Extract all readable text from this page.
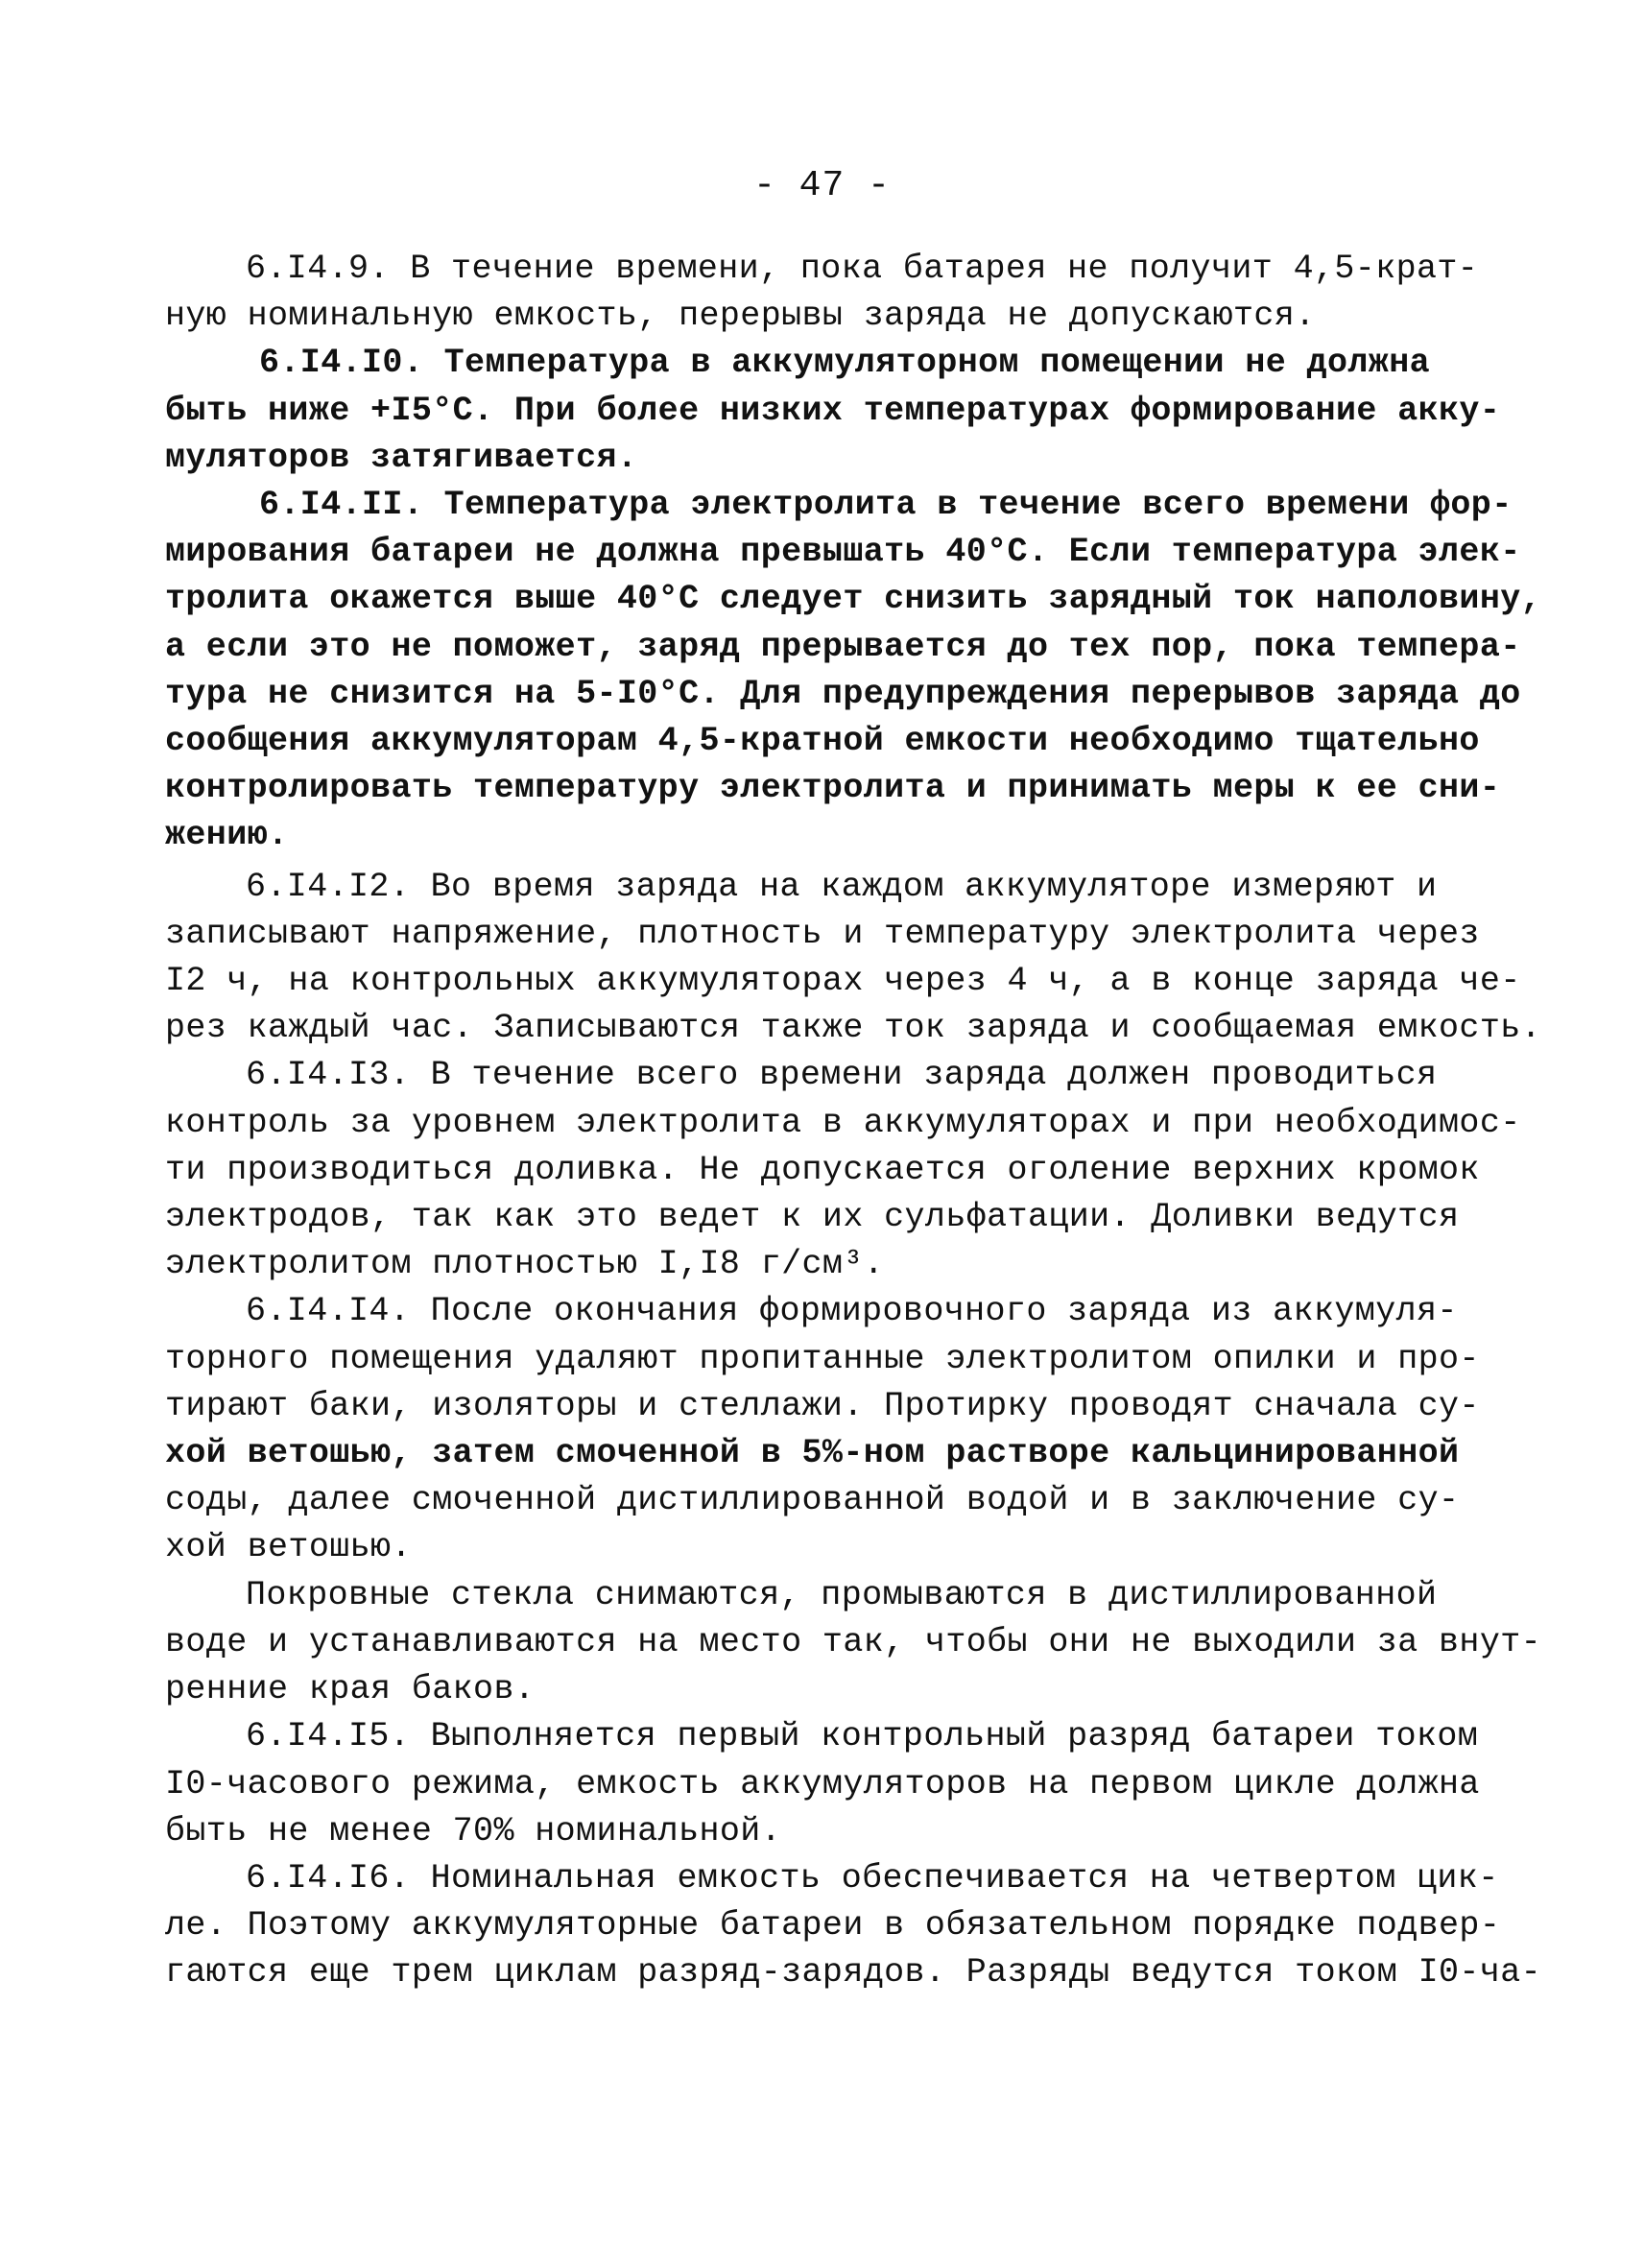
- 47 -

6.I4.9. В течение времени, пока батарея не получит 4,5-крат-
ную номинальную емкость, перерывы заряда не допускаются.

6.I4.I0. Температура в аккумуляторном помещении не должна
быть ниже +I5°С. При более низких температурах формирование акку-
муляторов затягивается.

6.I4.II. Температура электролита в течение всего времени фор-
мирования батареи не должна превышать 40°С. Если температура элек-
тролита окажется выше 40°С следует снизить зарядный ток наполовину,
а если это не поможет, заряд прерывается до тех пор, пока темпера-
тура не снизится на 5-I0°С. Для предупреждения перерывов заряда до
сообщения аккумуляторам 4,5-кратной емкости необходимо тщательно
контролировать температуру электролита и принимать меры к ее сни-
жению.

6.I4.I2. Во время заряда на каждом аккумуляторе измеряют и
записывают напряжение, плотность и температуру электролита через
I2 ч, на контрольных аккумуляторах через 4 ч, а в конце заряда че-
рез каждый час. Записываются также ток заряда и сообщаемая емкость.

6.I4.I3. В течение всего времени заряда должен проводиться
контроль за уровнем электролита в аккумуляторах и при необходимос-
ти производиться доливка. Не допускается оголение верхних кромок
электродов, так как это ведет к их сульфатации. Доливки ведутся
электролитом плотностью I,I8 г/см³.

6.I4.I4. После окончания формировочного заряда из аккумуля-
торного помещения удаляют пропитанные электролитом опилки и про-
тирают баки, изоляторы и стеллажи. Протирку проводят сначала су-
хой ветошью, затем смоченной в 5%-ном растворе кальцинированной
соды, далее смоченной дистиллированной водой и в заключение су-
хой ветошью.

Покровные стекла снимаются, промываются в дистиллированной
воде и устанавливаются на место так, чтобы они не выходили за внут-
ренние края баков.

6.I4.I5. Выполняется первый контрольный разряд батареи током
I0-часового режима, емкость аккумуляторов на первом цикле должна
быть не менее 70% номинальной.

6.I4.I6. Номинальная емкость обеспечивается на четвертом цик-
ле. Поэтому аккумуляторные батареи в обязательном порядке подвер-
гаются еще трем циклам разряд-зарядов. Разряды ведутся током I0-ча-
